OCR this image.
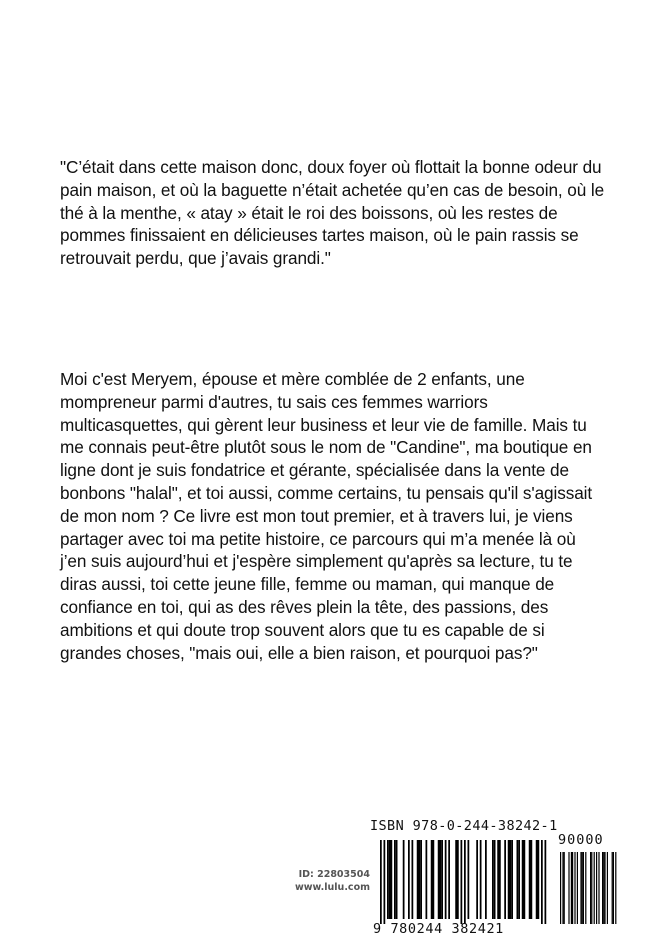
"C’était dans cette maison donc, doux foyer où flottait la bonne odeur du
pain maison, et où la baguette n’était achetée qu’en cas de besoin, où le
thé à la menthe, « atay » était le roi des boissons, où les restes de
pommes finissaient en délicieuses tartes maison, où le pain rassis se
retrouvait perdu, que j’avais grandi."
Moi c'est Meryem, épouse et mère comblée de 2 enfants, une
mompreneur parmi d'autres, tu sais ces femmes warriors
multicasquettes, qui gèrent leur business et leur vie de famille. Mais tu
me connais peut-être plutôt sous le nom de "Candine", ma boutique en
ligne dont je suis fondatrice et gérante, spécialisée dans la vente de
bonbons "halal", et toi aussi, comme certains, tu pensais qu'il s'agissait
de mon nom ? Ce livre est mon tout premier, et à travers lui, je viens
partager avec toi ma petite histoire, ce parcours qui m’a menée là où
j’en suis aujourd’hui et j'espère simplement qu'après sa lecture, tu te
diras aussi, toi cette jeune fille, femme ou maman, qui manque de
confiance en toi, qui as des rêves plein la tête, des passions, des
ambitions et qui doute trop souvent alors que tu es capable de si
grandes choses, "mais oui, elle a bien raison, et pourquoi pas?"
ID: 22803504
www.lulu.com
ISBN 978-0-244-38242-1
90000
9 780244 382421
